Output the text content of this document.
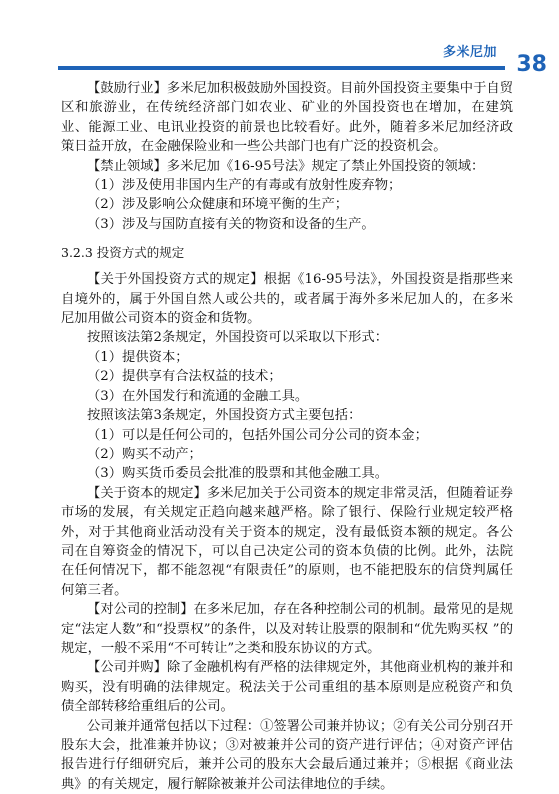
多米尼加 38

【鼓励行业】多米尼加积极鼓励外国投资。目前外国投资主要集中于自贸区和旅游业，在传统经济部门如农业、矿业的外国投资也在增加，在建筑业、能源工业、电讯业投资的前景也比较看好。此外，随着多米尼加经济政策日益开放，在金融保险业和一些公共部门也有广泛的投资机会。

【禁止领域】多米尼加《16-95号法》规定了禁止外国投资的领域：

（1）涉及使用非国内生产的有毒或有放射性废弃物；

（2）涉及影响公众健康和环境平衡的生产；

（3）涉及与国防直接有关的物资和设备的生产。

3.2.3 投资方式的规定

【关于外国投资方式的规定】根据《16-95号法》，外国投资是指那些来自境外的，属于外国自然人或公共的，或者属于海外多米尼加人的，在多米尼加用做公司资本的资金和货物。

按照该法第2条规定，外国投资可以采取以下形式：

（1）提供资本；

（2）提供享有合法权益的技术；

（3）在外国发行和流通的金融工具。

按照该法第3条规定，外国投资方式主要包括：

（1）可以是任何公司的，包括外国公司分公司的资本金；

（2）购买不动产；

（3）购买货币委员会批准的股票和其他金融工具。

【关于资本的规定】多米尼加关于公司资本的规定非常灵活，但随着证券市场的发展，有关规定正趋向越来越严格。除了银行、保险行业规定较严格外，对于其他商业活动没有关于资本的规定，没有最低资本额的规定。各公司在自筹资金的情况下，可以自己决定公司的资本负债的比例。此外，法院在任何情况下，都不能忽视“有限责任”的原则，也不能把股东的信贷判属任何第三者。

【对公司的控制】在多米尼加，存在各种控制公司的机制。最常见的是规定“法定人数”和“投票权”的条件，以及对转让股票的限制和“优先购买权 ”的规定，一般不采用“不可转让”之类和股东协议的方式。

【公司并购】除了金融机构有严格的法律规定外，其他商业机构的兼并和购买，没有明确的法律规定。税法关于公司重组的基本原则是应税资产和负债全部转移给重组后的公司。

公司兼并通常包括以下过程：①签署公司兼并协议；②有关公司分别召开股东大会，批准兼并协议；③对被兼并公司的资产进行评估；④对资产评估报告进行仔细研究后，兼并公司的股东大会最后通过兼并；⑤根据《商业法典》的有关规定，履行解除被兼并公司法律地位的手续。
